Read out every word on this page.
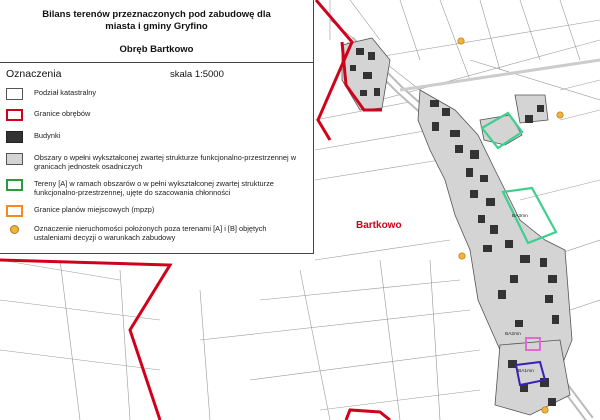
Bartkowo
BA3mn
BA2mn
BA1mn
Bilans terenów przeznaczonych pod zabudowę dla
miasta i gminy Gryfino
Obręb Bartkowo
Oznaczenia	skala 1:5000
Podział katastralny
Granice obrębów
Budynki
Obszary o wpełni wykształconej zwartej strukturze funkcjonalno-przestrzennej w granicach jednostek osadniczych
Tereny [A] w ramach obszarów o w pełni wykształconej zwartej strukturze funkcjonalno-przestrzennej, ujęte do szacowania chłonności
Granice planów miejscowych (mpzp)
Oznaczenie nieruchomości położonych poza terenami [A] i [B] objętych ustaleniami decyzji o warunkach zabudowy
